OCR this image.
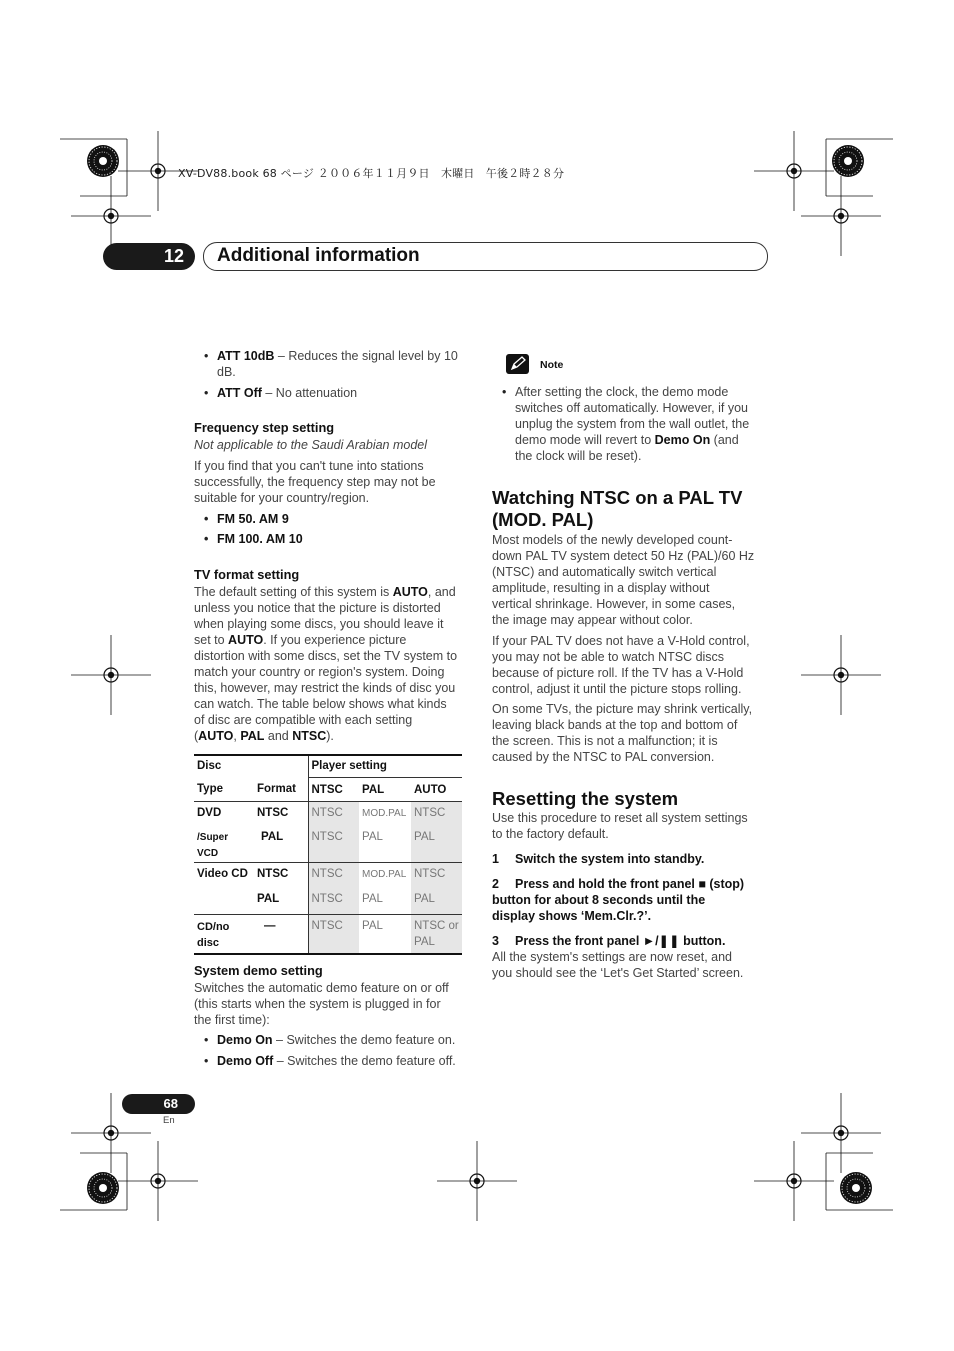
XV-DV88.book 68 ページ ２００６年１１月９日　木曜日　午後２時２８分
12	Additional information
• ATT 10dB – Reduces the signal level by 10
dB.
• ATT Off – No attenuation
Frequency step setting
Not applicable to the Saudi Arabian model
If you find that you can't tune into stations
successfully, the frequency step may not be
suitable for your country/region.
• FM 50. AM 9
• FM 100. AM 10
TV format setting
The default setting of this system is AUTO, and
unless you notice that the picture is distorted
when playing some discs, you should leave it
set to AUTO. If you experience picture
distortion with some discs, set the TV system to
match your country or region's system. Doing
this, however, may restrict the kinds of disc you
can watch. The table below shows what kinds
of disc are compatible with each setting
(AUTO, PAL and NTSC).
Disc		Player setting		
Type	Format	NTSC	PAL	AUTO
DVD	NTSC	NTSC	MOD.PAL	NTSC
/Super VCD	PAL	NTSC	PAL	PAL
Video CD	NTSC	NTSC	MOD.PAL	NTSC
	PAL	NTSC	PAL	PAL
CD/no disc	—	NTSC	PAL	NTSC or
PAL
System demo setting
Switches the automatic demo feature on or off
(this starts when the system is plugged in for
the first time):
• Demo On – Switches the demo feature on.
• Demo Off – Switches the demo feature off.
Note
• After setting the clock, the demo mode
switches off automatically. However, if you
unplug the system from the wall outlet, the
demo mode will revert to Demo On (and
the clock will be reset).
Watching NTSC on a PAL TV
(MOD. PAL)
Most models of the newly developed count-
down PAL TV system detect 50 Hz (PAL)/60 Hz
(NTSC) and automatically switch vertical
amplitude, resulting in a display without
vertical shrinkage. However, in some cases,
the image may appear without color.
If your PAL TV does not have a V-Hold control,
you may not be able to watch NTSC discs
because of picture roll. If the TV has a V-Hold
control, adjust it until the picture stops rolling.
On some TVs, the picture may shrink vertically,
leaving black bands at the top and bottom of
the screen. This is not a malfunction; it is
caused by the NTSC to PAL conversion.
Resetting the system
Use this procedure to reset all system settings
to the factory default.
1 Switch the system into standby.
2 Press and hold the front panel ■ (stop)
button for about 8 seconds until the
display shows ‘Mem.Clr.?’.
3 Press the front panel ►/❚❚ button.
All the system's settings are now reset, and
you should see the ‘Let's Get Started’ screen.
68
En
